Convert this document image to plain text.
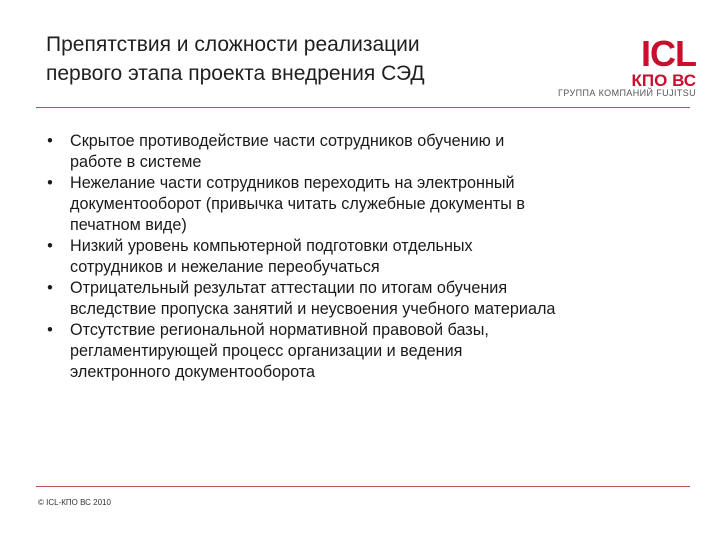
Препятствия и сложности реализации
первого этапа проекта внедрения СЭД	ICL
КПО ВС
ГРУППА КОМПАНИЙ FUJITSU
• Скрытое противодействие части сотрудников обучению и
работе в системе
• Нежелание части сотрудников переходить на электронный
документооборот (привычка читать служебные документы в
печатном виде)
• Низкий уровень компьютерной подготовки отдельных
сотрудников и нежелание переобучаться
• Отрицательный результат аттестации по итогам обучения
вследствие пропуска занятий и неусвоения учебного материала
• Отсутствие региональной нормативной правовой базы,
регламентирующей процесс организации и ведения
электронного документооборота
© ICL-КПО ВС 2010
